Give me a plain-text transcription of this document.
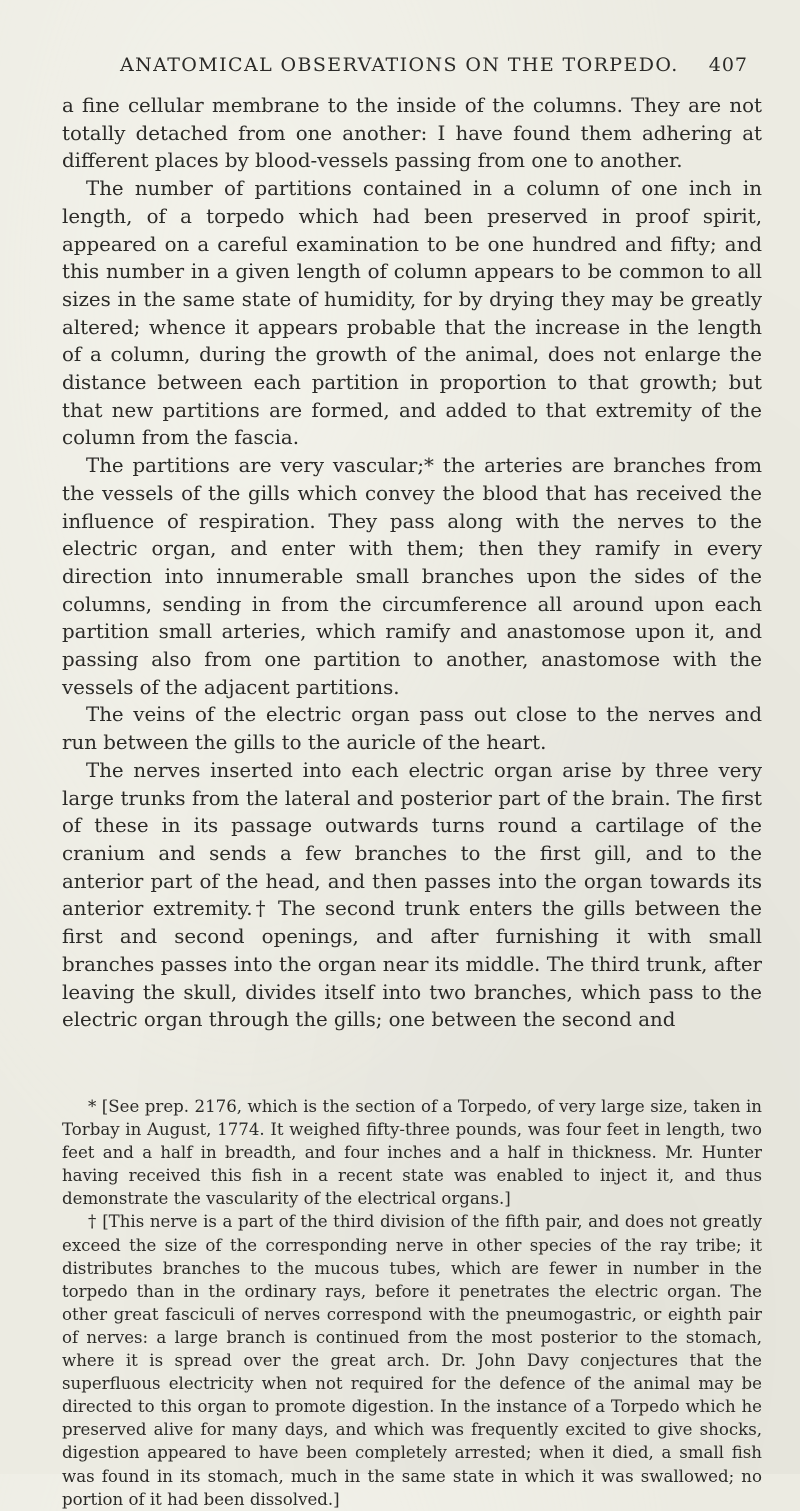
ANATOMICAL OBSERVATIONS ON THE TORPEDO. 407

a fine cellular membrane to the inside of the columns. They are not totally detached from one another: I have found them adhering at different places by blood-vessels passing from one to another.

The number of partitions contained in a column of one inch in length, of a torpedo which had been preserved in proof spirit, appeared on a careful examination to be one hundred and fifty; and this number in a given length of column appears to be common to all sizes in the same state of humidity, for by drying they may be greatly altered; whence it appears probable that the increase in the length of a column, during the growth of the animal, does not enlarge the distance between each partition in proportion to that growth; but that new partitions are formed, and added to that extremity of the column from the fascia.

The partitions are very vascular;* the arteries are branches from the vessels of the gills which convey the blood that has received the influence of respiration. They pass along with the nerves to the electric organ, and enter with them; then they ramify in every direction into innumerable small branches upon the sides of the columns, sending in from the circumference all around upon each partition small arteries, which ramify and anastomose upon it, and passing also from one partition to another, anastomose with the vessels of the adjacent partitions.

The veins of the electric organ pass out close to the nerves and run between the gills to the auricle of the heart.

The nerves inserted into each electric organ arise by three very large trunks from the lateral and posterior part of the brain. The first of these in its passage outwards turns round a cartilage of the cranium and sends a few branches to the first gill, and to the anterior part of the head, and then passes into the organ towards its anterior extremity.† The second trunk enters the gills between the first and second openings, and after furnishing it with small branches passes into the organ near its middle. The third trunk, after leaving the skull, divides itself into two branches, which pass to the electric organ through the gills; one between the second and

* [See prep. 2176, which is the section of a Torpedo, of very large size, taken in Torbay in August, 1774. It weighed fifty-three pounds, was four feet in length, two feet and a half in breadth, and four inches and a half in thickness. Mr. Hunter having received this fish in a recent state was enabled to inject it, and thus demonstrate the vascularity of the electrical organs.]

† [This nerve is a part of the third division of the fifth pair, and does not greatly exceed the size of the corresponding nerve in other species of the ray tribe; it distributes branches to the mucous tubes, which are fewer in number in the torpedo than in the ordinary rays, before it penetrates the electric organ. The other great fasciculi of nerves correspond with the pneumogastric, or eighth pair of nerves: a large branch is continued from the most posterior to the stomach, where it is spread over the great arch. Dr. John Davy conjectures that the superfluous electricity when not required for the defence of the animal may be directed to this organ to promote digestion. In the instance of a Torpedo which he preserved alive for many days, and which was frequently excited to give shocks, digestion appeared to have been completely arrested; when it died, a small fish was found in its stomach, much in the same state in which it was swallowed; no portion of it had been dissolved.]
